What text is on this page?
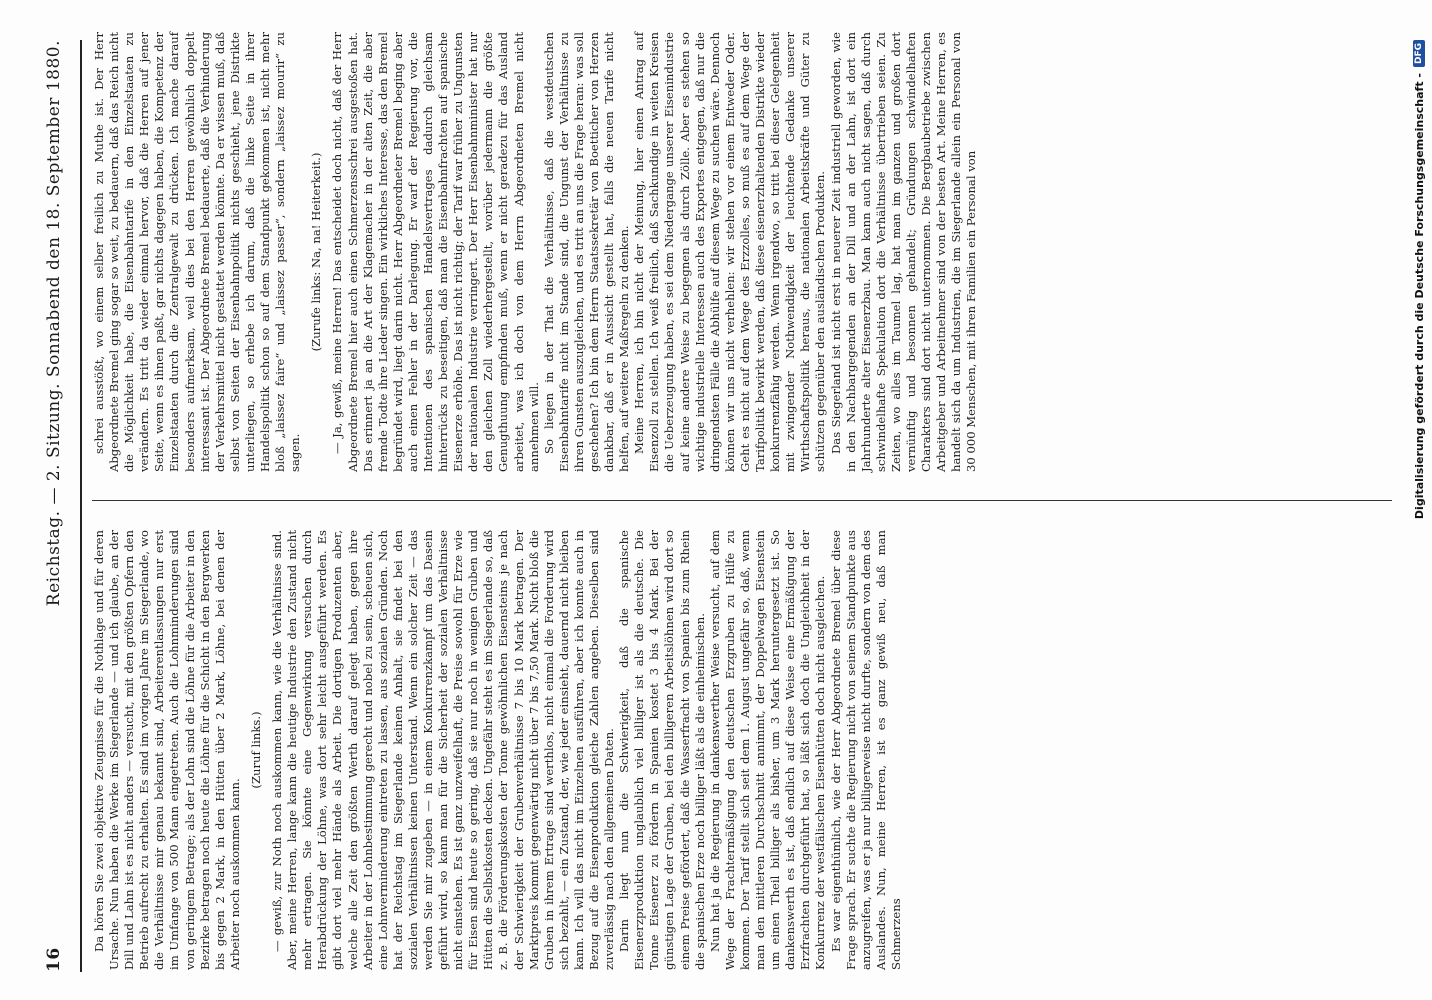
16
Reichstag. — 2. Sitzung. Sonnabend den 18. September 1880.

Da hören Sie zwei objektive Zeugnisse für die Nothlage und für deren Ursache. Nun haben die Werke im Siegerlande — und ich glaube, an der Dill und Lahn ist es nicht anders — versucht, mit den größten Opfern den Betrieb aufrecht zu erhalten. Es sind im vorigen Jahre im Siegerlande, wo die Verhältnisse mir genau bekannt sind, Arbeiterentlassungen nur erst im Umfange von 500 Mann eingetreten. Auch die Lohnminderungen sind von geringem Betrage; als der Lohn sind die Löhne für die Arbeiter in den Bezirke betragen noch heute die Löhne für die Schicht in den Bergwerken bis gegen 2 Mark, in den Hütten über 2 Mark, Löhne, bei denen der Arbeiter noch auskommen kann.

(Zuruf links.) — gewiß, zur Noth noch auskommen kann, wie die Verhältnisse sind. Aber, meine Herren, lange kann die heutige Industrie den Zustand nicht mehr ertragen. Sie könnte eine Gegenwirkung versuchen durch Herabdrückung der Löhne, was dort sehr leicht ausgeführt werden. Es gibt dort viel mehr Hände als Arbeit. Die dortigen Produzenten aber, welche alle Zeit den größten Werth darauf gelegt haben, gegen ihre Arbeiter in der Lohnbestimmung gerecht und nobel zu sein, scheuen sich, eine Lohnverminderung eintreten zu lassen, aus sozialen Gründen. Noch hat der Reichstag im Siegerlande keinen Anhalt, sie findet bei den sozialen Verhältnissen keinen Unterstand. Wenn ein solcher Zeit — das werden Sie mir zugeben — in einem Konkurrenzkampf um das Dasein geführt wird, so kann man für die Sicherheit der sozialen Verhältnisse nicht einstehen. Es ist ganz unzweifelhaft, die Preise sowohl für Erze wie für Eisen sind heute so gering, daß sie nur noch in wenigen Gruben und Hütten die Selbstkosten decken. Ungefähr steht es im Siegerlande so, daß z. B. die Förderungskosten der Tonne gewöhnlichen Eisensteins je nach der Schwierigkeit der Grubenverhältnisse 7 bis 10 Mark betragen. Der Marktpreis kommt gegenwärtig nicht über 7 bis 7,50 Mark. Nicht bloß die Gruben in ihrem Ertrage sind werthlos, nicht einmal die Forderung wird sich bezahlt, — ein Zustand, der, wie jeder einsieht, dauernd nicht bleiben kann. Ich will das nicht im Einzelnen ausführen, aber ich konnte auch in Bezug auf die Eisenproduktion gleiche Zahlen angeben. Dieselben sind zuverlässig nach den allgemeinen Daten. Darin liegt nun die Schwierigkeit, daß die spanische Eisenerzproduktion unglaublich viel billiger ist als die deutsche. Die Tonne Eisenerz zu fördern in Spanien kostet 3 bis 4 Mark. Bei der günstigen Lage der Gruben, bei den billigeren Arbeitslöhnen wird dort so einem Preise gefördert, daß die Wasserfracht von Spanien bis zum Rhein die spanischen Erze noch billiger läßt als die einheimischen. Nun hat ja die Regierung in dankenswerther Weise versucht, auf dem Wege der Frachtermäßigung den deutschen Erzgruben zu Hülfe zu kommen. Der Tarif stellt sich seit dem 1. August ungefähr so, daß, wenn man den mittleren Durchschnitt annimmt, der Doppelwagen Eisenstein um einen Theil billiger als bisher, um 3 Mark heruntergesetzt ist. So dankenswerth es ist, daß endlich auf diese Weise eine Ermäßigung der Erzfrachten durchgeführt hat, so läßt sich doch die Ungleichheit in der Konkurrenz der westfälischen Eisenhütten doch nicht ausgleichen. Es war eigenthümlich, wie der Herr Abgeordnete Bremel über diese Frage sprach. Er suchte die Regierung nicht von seinem Standpunkte aus anzugreifen, was er ja nur billigerweise nicht durfte, sondern von dem des Auslandes. Nun, meine Herren, ist es ganz gewiß neu, daß man Schmerzens

schrei ausstößt, wo einem selber freilich zu Muthe ist. Der Herr Abgeordnete Bremel ging sogar so weit, zu bedauern, daß das Reich nicht die Möglichkeit habe, die Eisenbahntarife in den Einzelstaaten zu verändern. Es tritt da wieder einmal hervor, daß die Herren auf jener Seite, wenn es ihnen paßt, gar nichts dagegen haben, die Kompetenz der Einzelstaaten durch die Zentralgewalt zu drücken. Ich mache darauf besonders aufmerksam, weil dies bei den Herren gewöhnlich doppelt interessant ist. Der Abgeordnete Bremel bedauerte, daß die Verhinderung der Verkehrsmittel nicht gestattet werden könnte. Da er wissen muß, daß selbst von Seiten der Eisenbahnpolitik nichts geschieht, jene Distrikte unterliegen, so erhebe ich darum, daß die linke Seite in ihrer Handelspolitik schon so auf dem Standpunkt gekommen ist, nicht mehr bloß „laissez faire“ und „laissez passer“, sondern „laissez mourir“ zu sagen.

(Zurufe links: Na, na! Heiterkeit.) — Ja, gewiß, meine Herren! Das entscheidet doch nicht, daß der Herr Abgeordnete Bremel hier auch einen Schmerzensschrei ausgestoßen hat. Das erinnert ja an die Art der Klagemacher in der alten Zeit, die aber fremde Todte ihre Lieder singen. Ein wirkliches Interesse, das den Bremel begründet wird, liegt darin nicht. Herr Abgeordneter Bremel beging aber auch einen Fehler in der Darlegung. Er warf der Regierung vor, die Intentionen des spanischen Handelsvertrages dadurch gleichsam hinterrücks zu beseitigen, daß man die Eisenbahnfrachten auf spanische Eisenerze erhöhe. Das ist nicht richtig; der Tarif war früher zu Ungunsten der nationalen Industrie verringert. Der Herr Eisenbahnminister hat nur den gleichen Zoll wiederhergestellt, worüber jedermann die größte Genugthuung empfinden muß, wenn er nicht geradezu für das Ausland arbeitet, was ich doch von dem Herrn Abgeordneten Bremel nicht annehmen will. So liegen in der That die Verhältnisse, daß die westdeutschen Eisenbahntarife nicht im Stande sind, die Ungunst der Verhältnisse zu ihren Gunsten auszugleichen, und es tritt an uns die Frage heran: was soll geschehen? Ich bin dem Herrn Staatssekretär von Boetticher von Herzen dankbar, daß er in Aussicht gestellt hat, falls die neuen Tarife nicht helfen, auf weitere Maßregeln zu denken. Meine Herren, ich bin nicht der Meinung, hier einen Antrag auf Eisenzoll zu stellen. Ich weiß freilich, daß Sachkundige in weiten Kreisen die Ueberzeugung haben, es sei dem Niedergange unserer Eisenindustrie auf keine andere Weise zu begegnen als durch Zölle. Aber es stehen so wichtige industrielle Interessen auch des Exportes entgegen, daß nur die dringendsten Fälle die Abhülfe auf diesem Wege zu suchen wäre. Dennoch können wir uns nicht verhehlen: wir stehen vor einem Entweder Oder. Geht es nicht auf dem Wege des Erzzolles, so muß es auf dem Wege der Tarifpolitik bewirkt werden, daß diese eisenerzhaltenden Distrikte wieder konkurrenzfähig werden. Wenn irgendwo, so tritt bei dieser Gelegenheit mit zwingender Nothwendigkeit der leuchtende Gedanke unserer Wirthschaftspolitik heraus, die nationalen Arbeitskräfte und Güter zu schützen gegenüber den ausländischen Produkten. Das Siegerland ist nicht erst in neuerer Zeit industriell geworden, wie in den Nachbargegenden an der Dill und an der Lahn, ist dort ein Jahrhunderte alter Eisenerzbau. Man kann auch nicht sagen, daß durch schwindelhafte Spekulation dort die Verhältnisse übertrieben seien. Zu Zeiten, wo alles im Taumel lag, hat man im ganzen und großen dort vernünftig und besonnen gehandelt; Gründungen schwindelhaften Charakters sind dort nicht unternommen. Die Bergbaubetriebe zwischen Arbeitgeber und Arbeitnehmer sind von der besten Art. Meine Herren, es handelt sich da um Industrien, die im Siegerlande allein ein Personal von 30 000 Menschen, mit ihren Familien ein Personal von	Digitalisierung gefördert durch die Deutsche Forschungsgemeinschaft -
DFG
